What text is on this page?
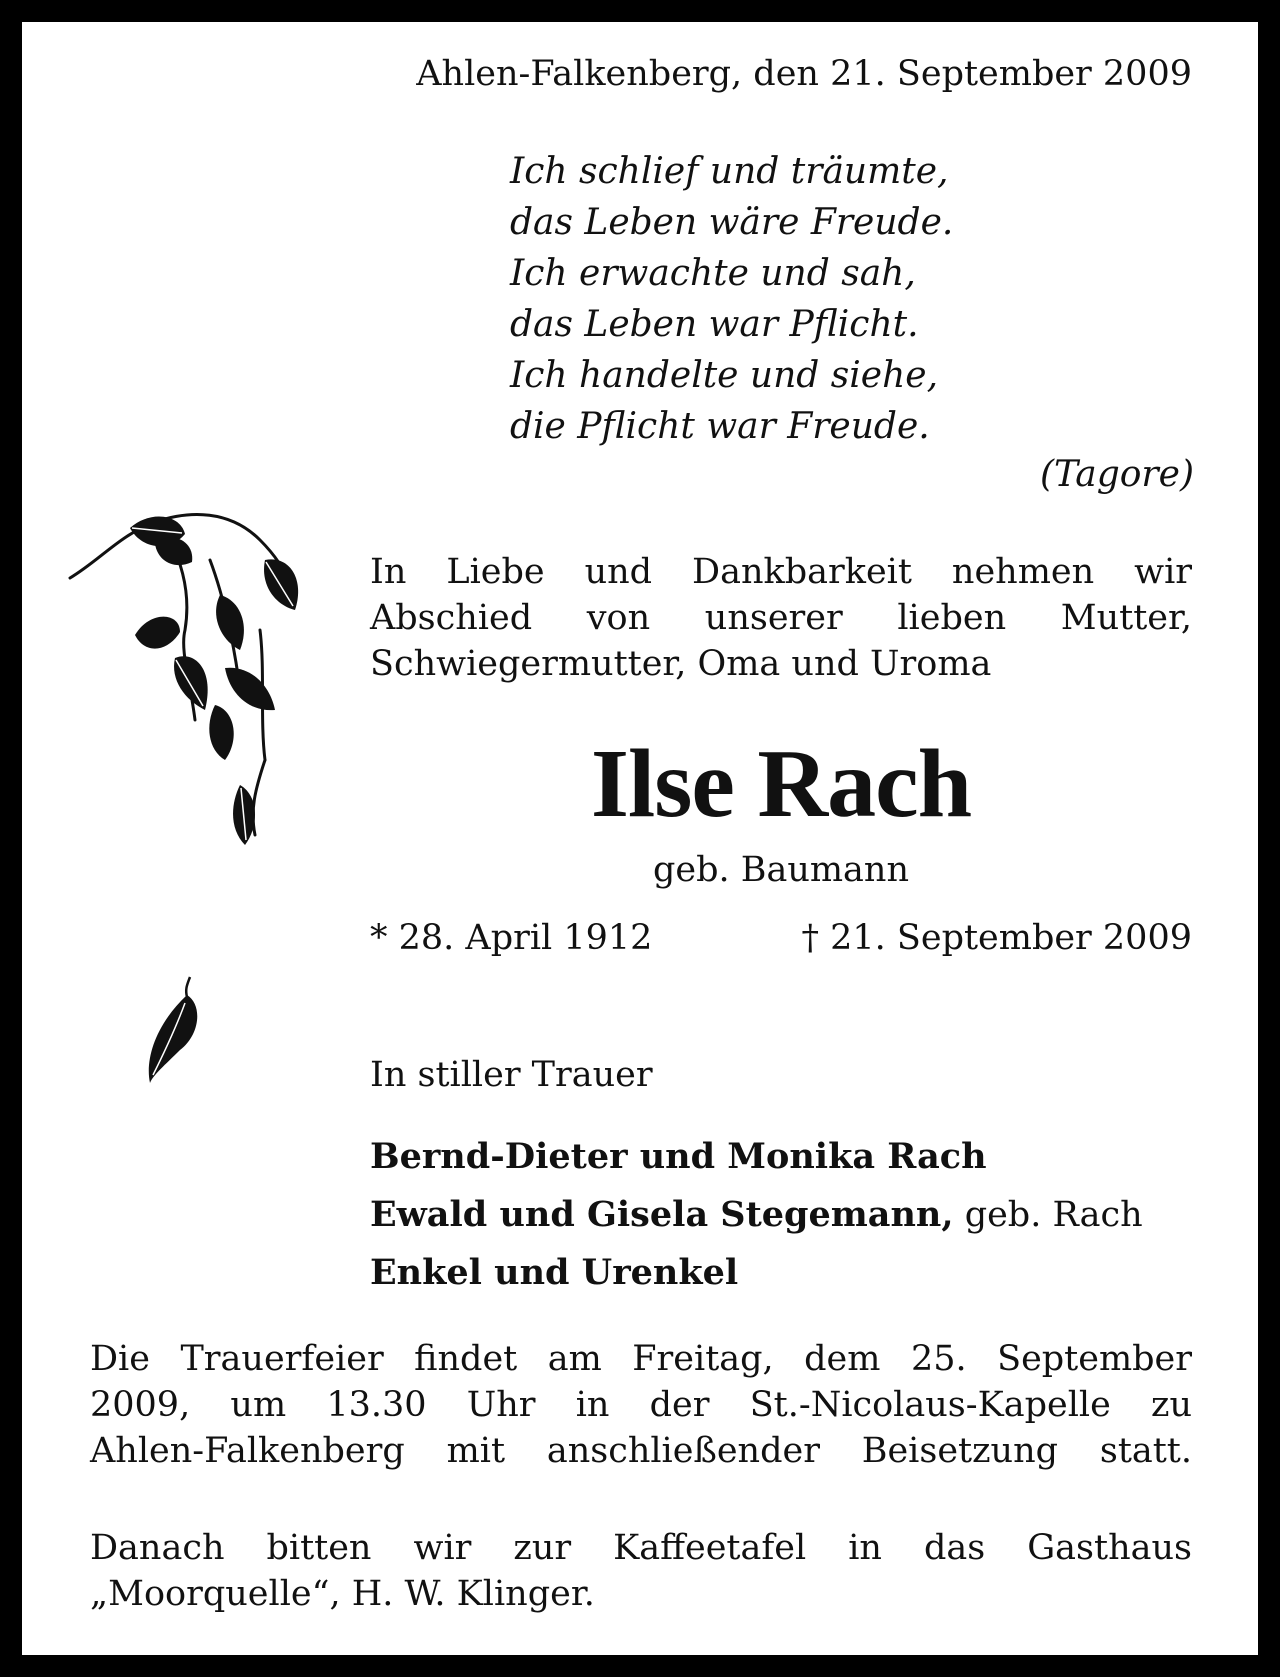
Ahlen-Falkenberg, den 21. September 2009

Ich schlief und träumte,
das Leben wäre Freude.
Ich erwachte und sah,
das Leben war Pflicht.
Ich handelte und siehe,
die Pflicht war Freude.

(Tagore)

In Liebe und Dankbarkeit nehmen wir
Abschied von unserer lieben Mutter,
Schwiegermutter, Oma und Uroma
Ilse Rach

geb. Baumann

* 28. April 1912	† 21. September 2009

In stiller Trauer

Bernd-Dieter und Monika Rach
Ewald und Gisela Stegemann, geb. Rach
Enkel und Urenkel
Die Trauerfeier findet am Freitag, dem 25. September
2009, um 13.30 Uhr in der St.-Nicolaus-Kapelle zu
Ahlen-Falkenberg mit anschließender Beisetzung statt.
Danach bitten wir zur Kaffeetafel in das Gasthaus
„Moorquelle“, H. W. Klinger.
